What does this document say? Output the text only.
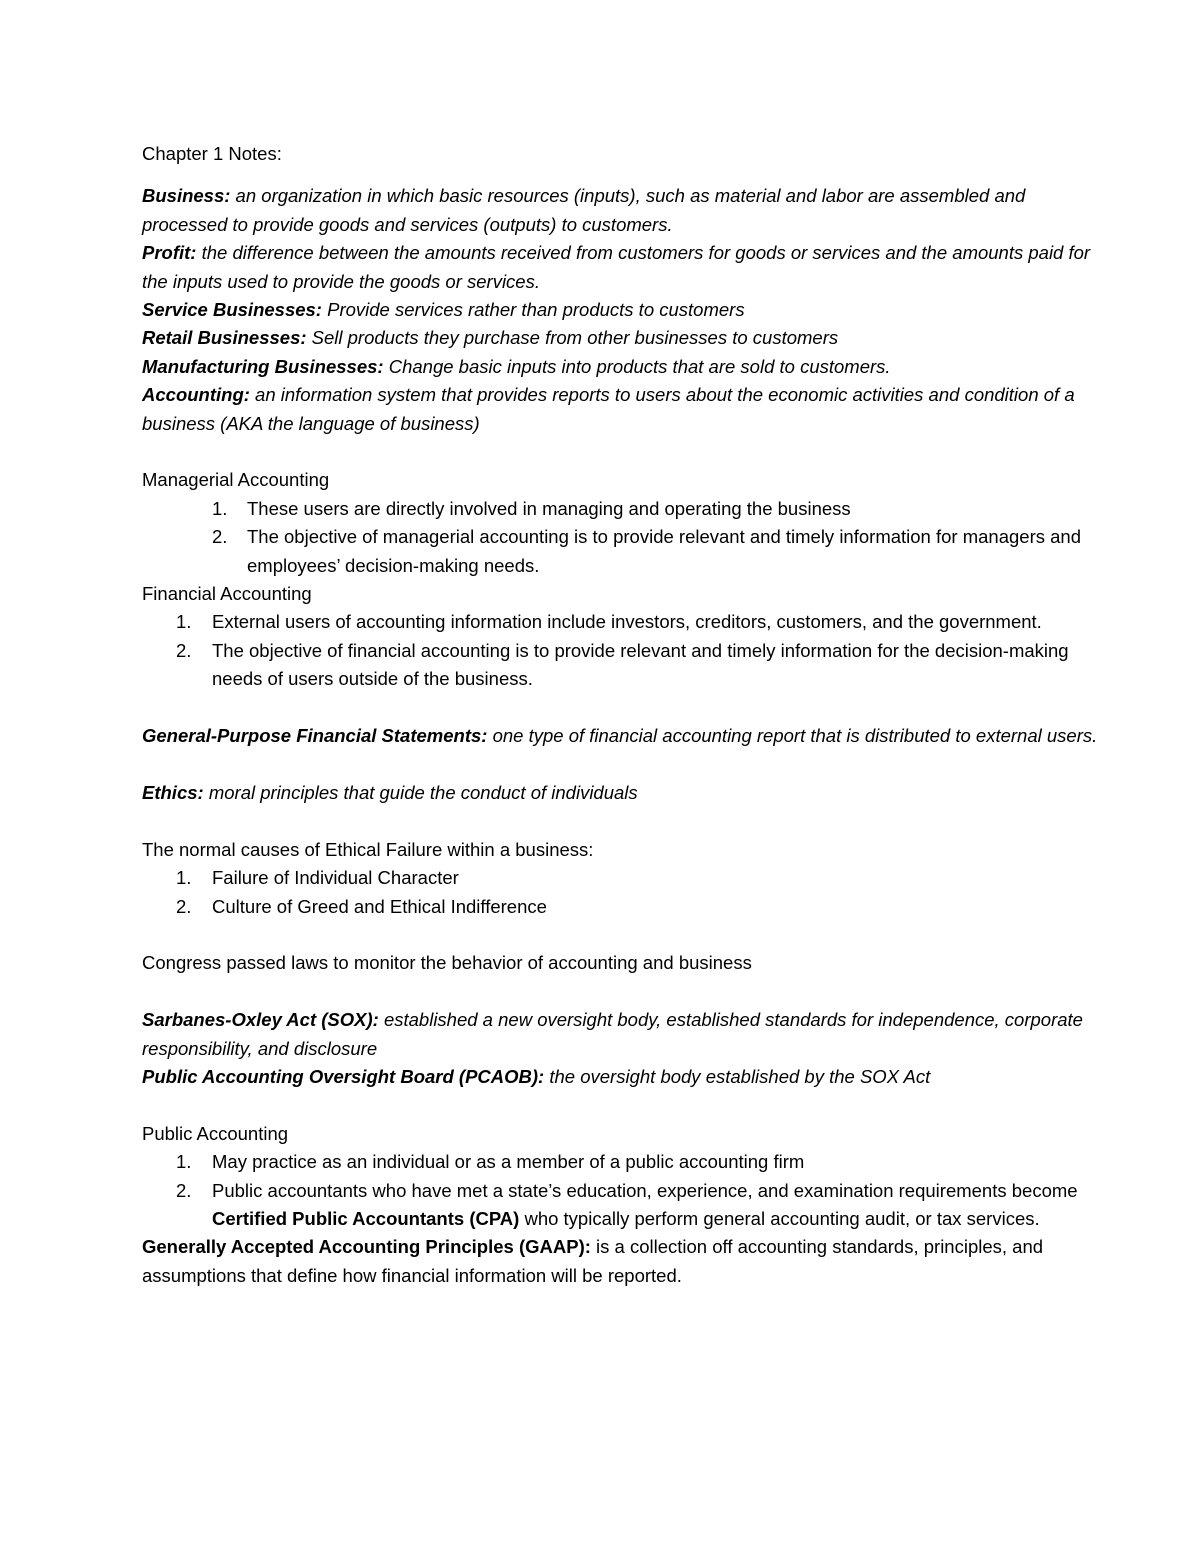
Chapter 1 Notes:

Business: an organization in which basic resources (inputs), such as material and labor are assembled and processed to provide goods and services (outputs) to customers.

Profit: the difference between the amounts received from customers for goods or services and the amounts paid for the inputs used to provide the goods or services.

Service Businesses: Provide services rather than products to customers

Retail Businesses: Sell products they purchase from other businesses to customers

Manufacturing Businesses: Change basic inputs into products that are sold to customers.

Accounting: an information system that provides reports to users about the economic activities and condition of a business (AKA the language of business)

Managerial Accounting

1. These users are directly involved in managing and operating the business
2. The objective of managerial accounting is to provide relevant and timely information for managers and employees’ decision-making needs.

Financial Accounting

1. External users of accounting information include investors, creditors, customers, and the government.
2. The objective of financial accounting is to provide relevant and timely information for the decision-making needs of users outside of the business.

General-Purpose Financial Statements: one type of financial accounting report that is distributed to external users.

Ethics: moral principles that guide the conduct of individuals

The normal causes of Ethical Failure within a business:

1. Failure of Individual Character
2. Culture of Greed and Ethical Indifference

Congress passed laws to monitor the behavior of accounting and business

Sarbanes-Oxley Act (SOX): established a new oversight body, established standards for independence, corporate responsibility, and disclosure

Public Accounting Oversight Board (PCAOB): the oversight body established by the SOX Act

Public Accounting

1. May practice as an individual or as a member of a public accounting firm
2. Public accountants who have met a state’s education, experience, and examination requirements become Certified Public Accountants (CPA) who typically perform general accounting audit, or tax services.

Generally Accepted Accounting Principles (GAAP): is a collection off accounting standards, principles, and assumptions that define how financial information will be reported.
